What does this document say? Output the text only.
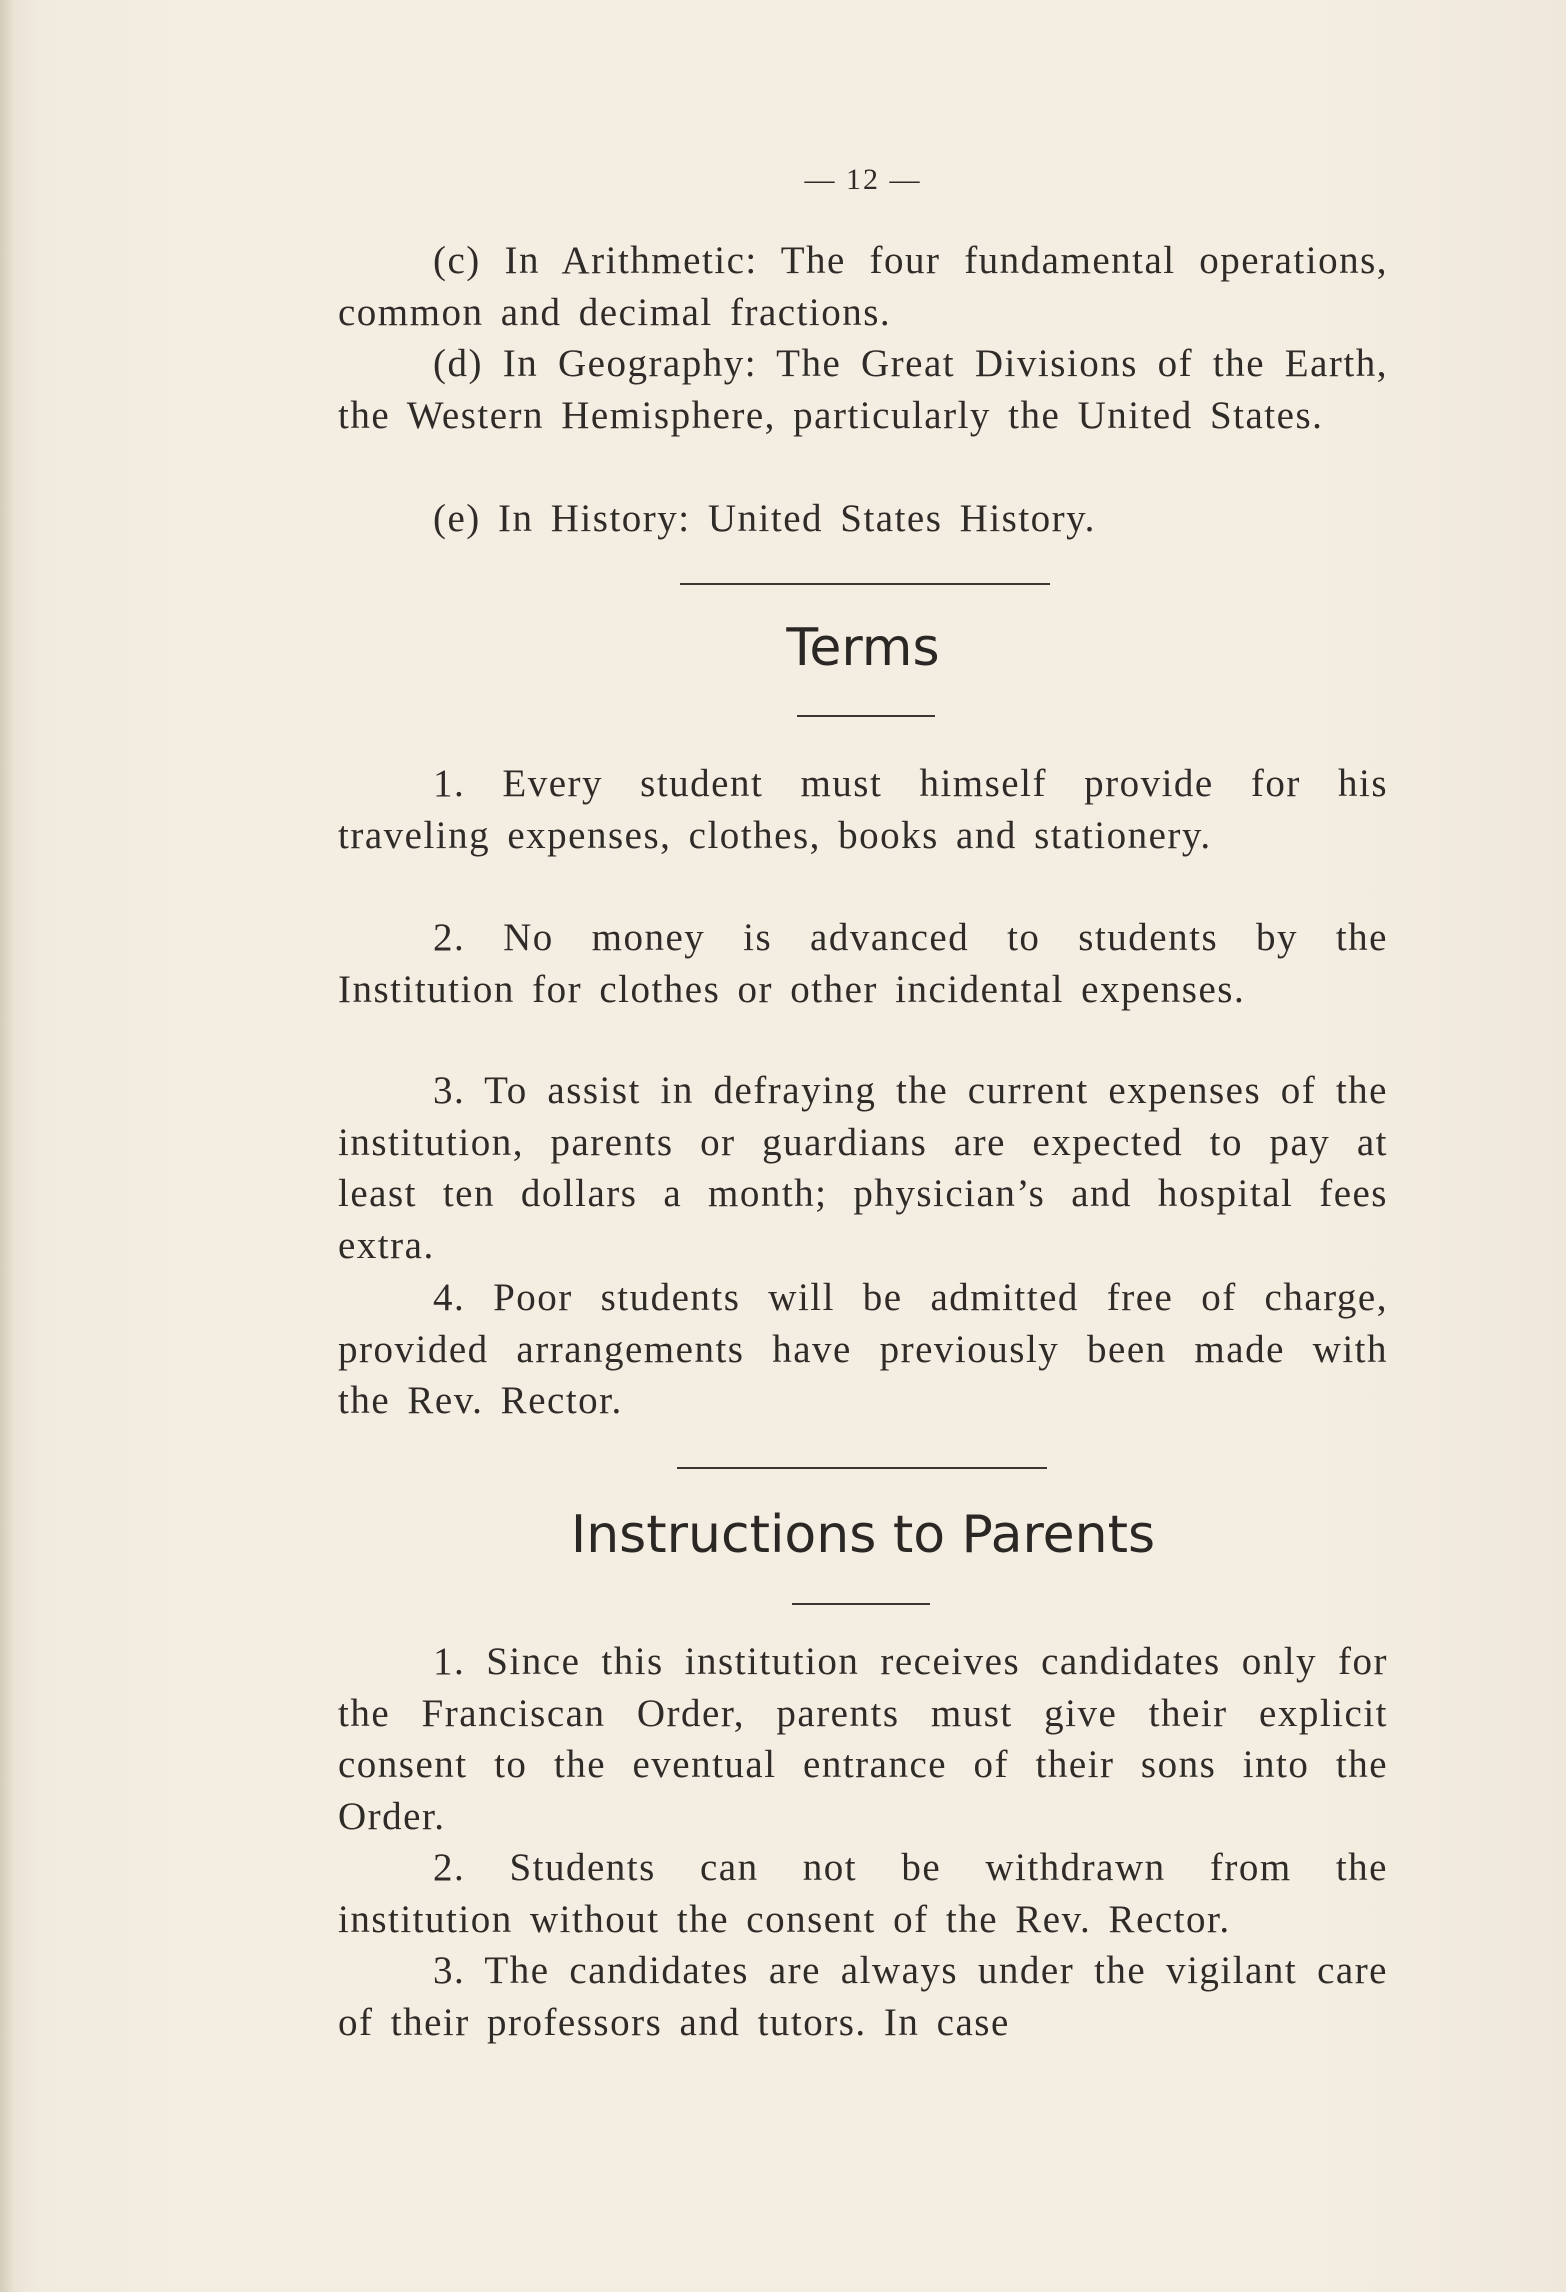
— 12 —

(c) In Arithmetic: The four fundamental operations, common and decimal fractions.

(d) In Geography: The Great Divisions of the Earth, the Western Hemisphere, particularly the United States.

(e) In History: United States History.

Terms

1. Every student must himself provide for his traveling expenses, clothes, books and stationery.

2. No money is advanced to students by the Institution for clothes or other incidental expenses.

3. To assist in defraying the current expenses of the institution, parents or guardians are expected to pay at least ten dollars a month; physician’s and hospital fees extra.

4. Poor students will be admitted free of charge, provided arrangements have previously been made with the Rev. Rector.

Instructions to Parents

1. Since this institution receives candidates only for the Franciscan Order, parents must give their explicit consent to the eventual entrance of their sons into the Order.

2. Students can not be withdrawn from the institution without the consent of the Rev. Rector.

3. The candidates are always under the vigilant care of their professors and tutors. In case
